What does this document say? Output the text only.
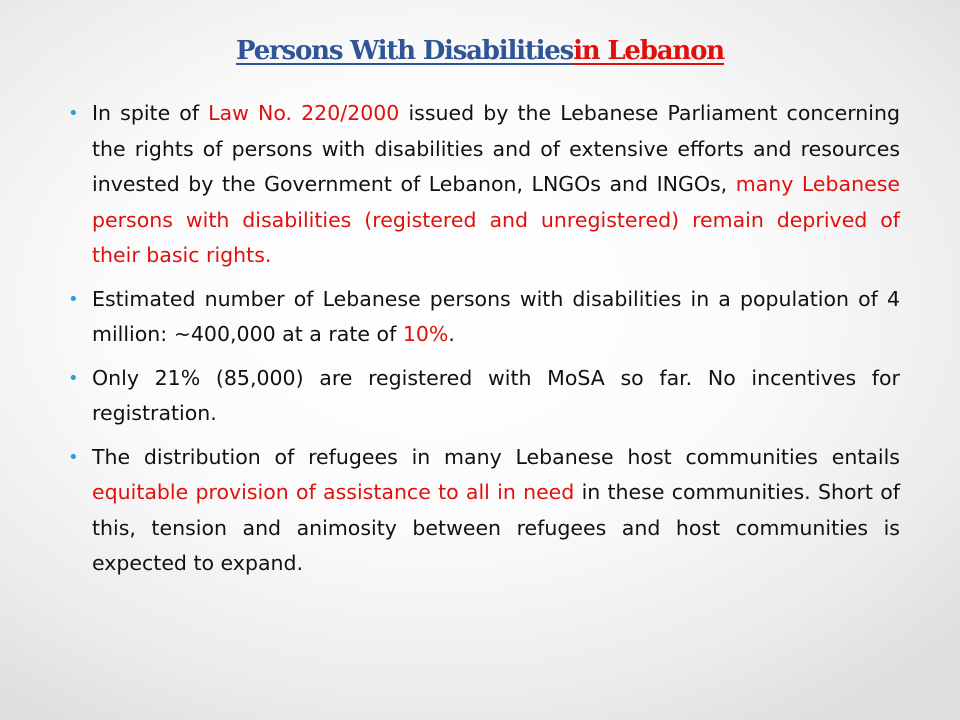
Persons With Disabilitiesin Lebanon
• In spite of Law No. 220/2000 issued by the Lebanese Parliament concerning the rights of persons with disabilities and of extensive efforts and resources invested by the Government of Lebanon, LNGOs and INGOs, many Lebanese persons with disabilities (registered and unregistered) remain deprived of their basic rights.
• Estimated number of Lebanese persons with disabilities in a population of 4 million: ~400,000 at a rate of 10%.
• Only 21% (85,000) are registered with MoSA so far. No incentives for registration.
• The distribution of refugees in many Lebanese host communities entails equitable provision of assistance to all in need in these communities. Short of this, tension and animosity between refugees and host communities is expected to expand.
